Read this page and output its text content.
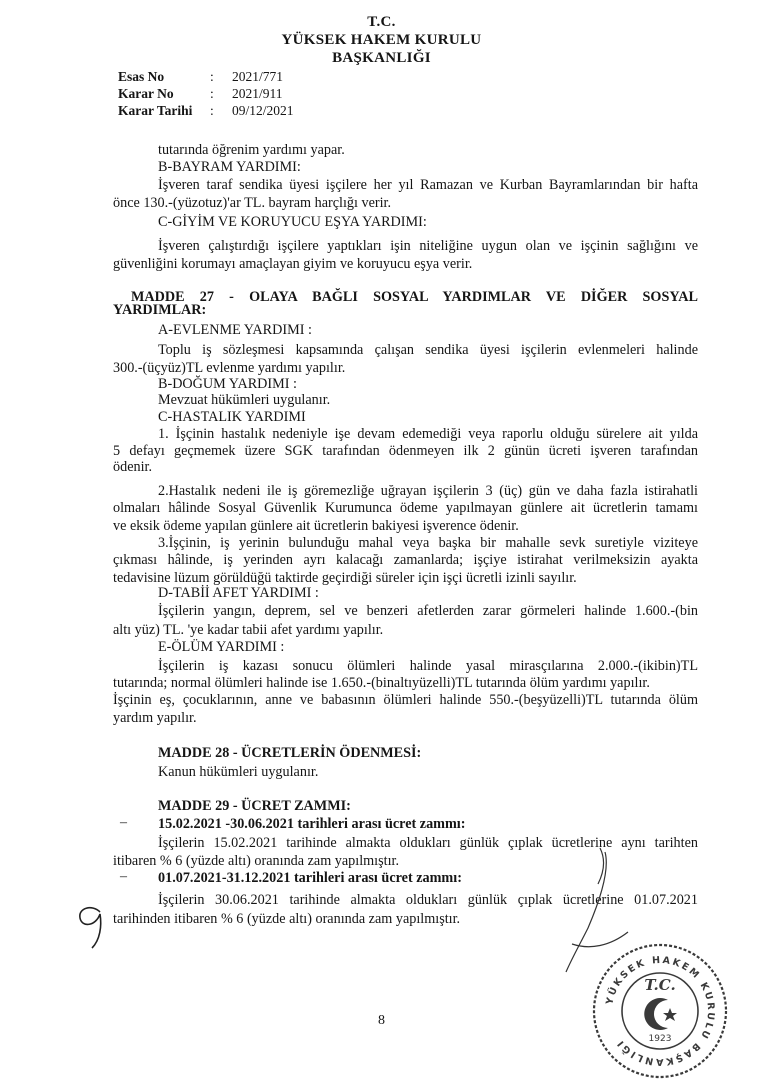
T.C.
YÜKSEK HAKEM KURULU
BAŞKANLIĞI
Esas No	:	2021/771
Karar No	:	2021/911
Karar Tarihi	:	09/12/2021
tutarında öğrenim yardımı yapar.
B-BAYRAM YARDIMI:
İşveren taraf sendika üyesi işçilere her yıl Ramazan ve Kurban Bayramlarından bir hafta
önce 130.-(yüzotuz)'ar TL. bayram harçlığı verir.
C-GİYİM VE KORUYUCU EŞYA YARDIMI:
İşveren çalıştırdığı işçilere yaptıkları işin niteliğine uygun olan ve işçinin sağlığını ve
güvenliğini korumayı amaçlayan giyim ve koruyucu eşya verir.
MADDE 27 - OLAYA BAĞLI SOSYAL YARDIMLAR VE DİĞER SOSYAL
YARDIMLAR:
A-EVLENME YARDIMI :
Toplu iş sözleşmesi kapsamında çalışan sendika üyesi işçilerin evlenmeleri halinde
300.-(üçyüz)TL evlenme yardımı yapılır.
B-DOĞUM YARDIMI :
Mevzuat hükümleri uygulanır.
C-HASTALIK YARDIMI
1. İşçinin hastalık nedeniyle işe devam edemediği veya raporlu olduğu sürelere ait yılda
5 defayı geçmemek üzere SGK tarafından ödenmeyen ilk 2 günün ücreti işveren tarafından
ödenir.
2.Hastalık nedeni ile iş göremezliğe uğrayan işçilerin 3 (üç) gün ve daha fazla istirahatli
olmaları hâlinde Sosyal Güvenlik Kurumunca ödeme yapılmayan günlere ait ücretlerin tamamı
ve eksik ödeme yapılan günlere ait ücretlerin bakiyesi işverence ödenir.
3.İşçinin, iş yerinin bulunduğu mahal veya başka bir mahalle sevk suretiyle viziteye
çıkması hâlinde, iş yerinden ayrı kalacağı zamanlarda; işçiye istirahat verilmeksizin ayakta
tedavisine lüzum görüldüğü taktirde geçirdiği süreler için işçi ücretli izinli sayılır.
D-TABİİ AFET YARDIMI :
İşçilerin yangın, deprem, sel ve benzeri afetlerden zarar görmeleri halinde 1.600.-(bin
altı yüz) TL. 'ye kadar tabii afet yardımı yapılır.
E-ÖLÜM YARDIMI :
İşçilerin iş kazası sonucu ölümleri halinde yasal mirasçılarına 2.000.-(ikibin)TL
tutarında; normal ölümleri halinde ise 1.650.-(binaltıyüzelli)TL tutarında ölüm yardımı yapılır.
İşçinin eş, çocuklarının, anne ve babasının ölümleri halinde 550.-(beşyüzelli)TL tutarında ölüm
yardım yapılır.
MADDE 28 - ÜCRETLERİN ÖDENMESİ:
Kanun hükümleri uygulanır.
MADDE 29 - ÜCRET ZAMMI:
– 15.02.2021 -30.06.2021 tarihleri arası ücret zammı:
İşçilerin 15.02.2021 tarihinde almakta oldukları günlük çıplak ücretlerine aynı tarihten
itibaren % 6 (yüzde altı) oranında zam yapılmıştır.
– 01.07.2021-31.12.2021 tarihleri arası ücret zammı:
İşçilerin 30.06.2021 tarihinde almakta oldukları günlük çıplak ücretlerine 01.07.2021
tarihinden itibaren % 6 (yüzde altı) oranında zam yapılmıştır.
8
YÜKSEK HAKEM KURULU BAŞKANLIĞI
T.C.
1923
